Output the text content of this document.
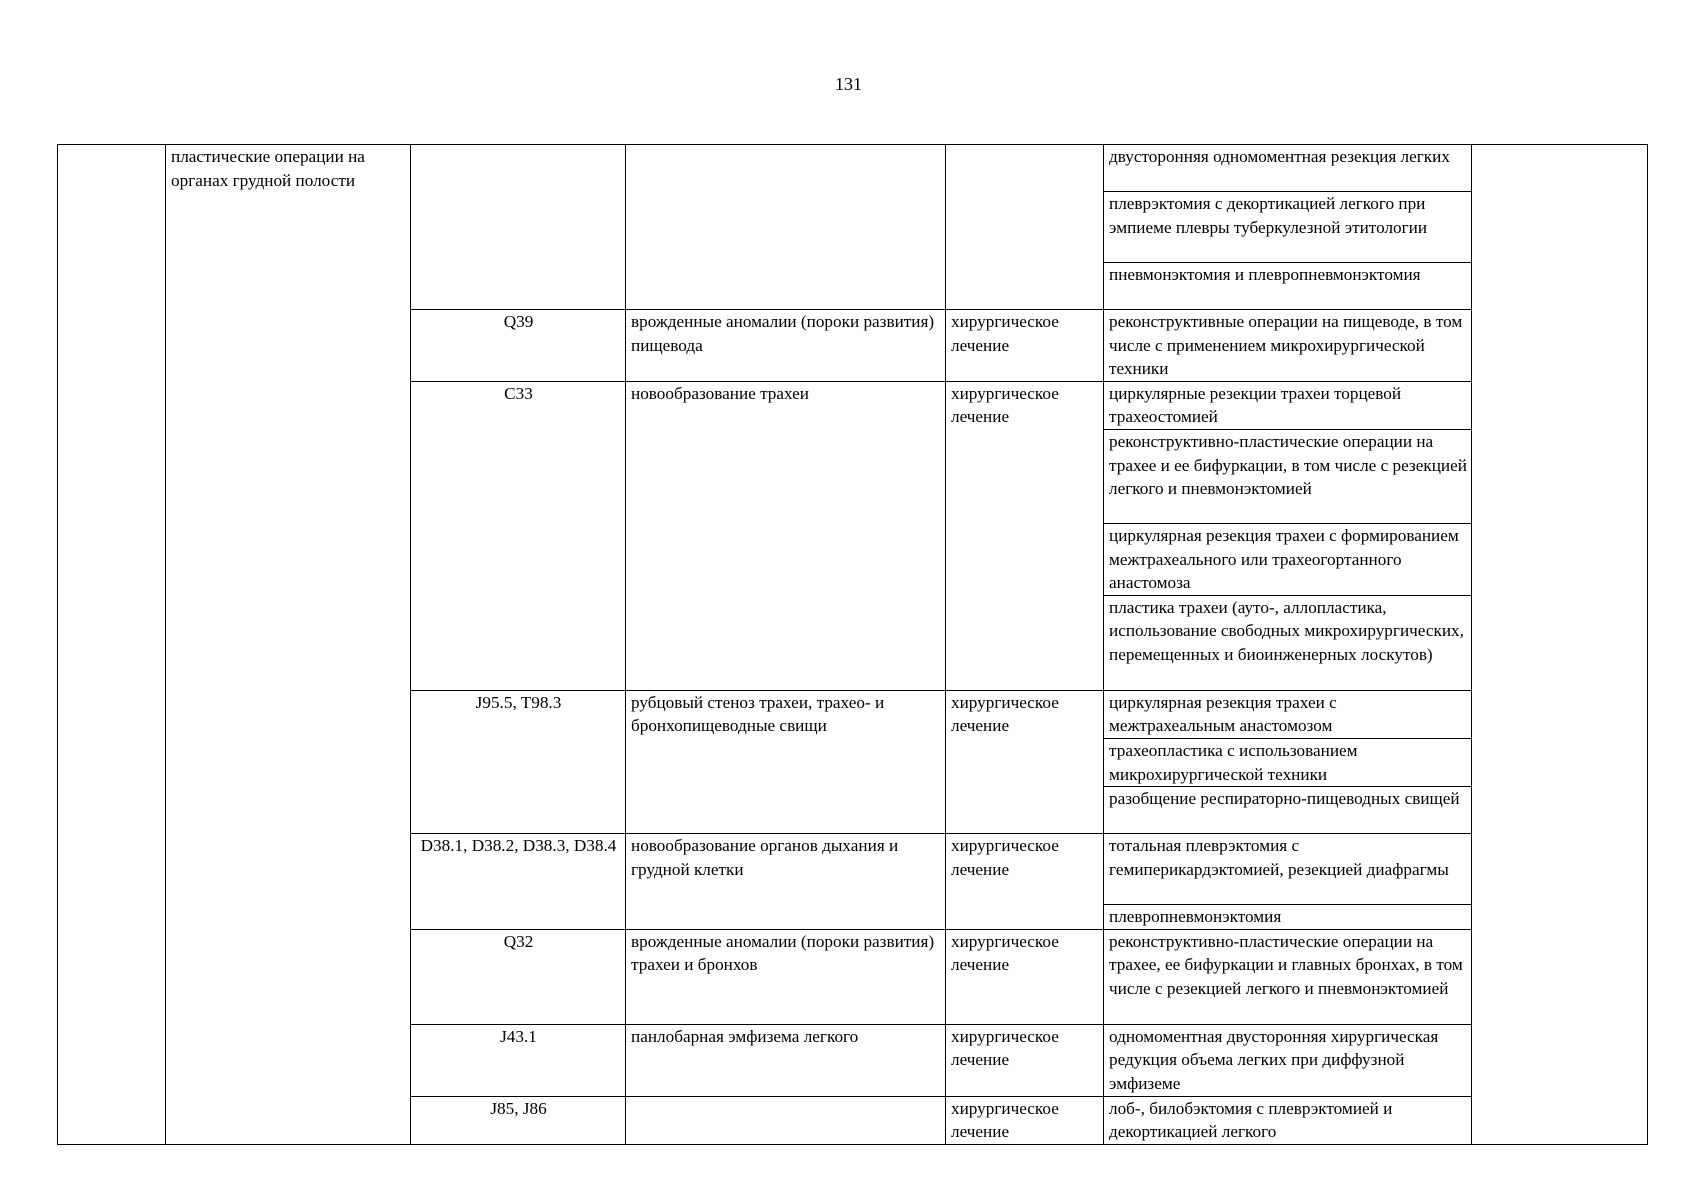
131
	пластические операции на органах грудной полости				двусторонняя одномоментная резекция легких	
					плеврэктомия с декортикацией легкого при эмпиеме плевры туберкулезной этитологии	
					пневмонэктомия и плевропневмонэктомия	
		Q39	врожденные аномалии (пороки развития) пищевода	хирургическое лечение	реконструктивные операции на пищеводе, в том числе с применением микрохирургической техники	
		C33	новообразование трахеи	хирургическое лечение	циркулярные резекции трахеи торцевой трахеостомией	
					реконструктивно-пластические операции на трахее и ее бифуркации, в том числе с резекцией легкого и пневмонэктомией	
					циркулярная резекция трахеи с формированием межтрахеального или трахеогортанного анастомоза	
					пластика трахеи (ауто-, аллопластика, использование свободных микрохирургических, перемещенных и биоинженерных лоскутов)	
		J95.5, T98.3	рубцовый стеноз трахеи, трахео- и бронхопищеводные свищи	хирургическое лечение	циркулярная резекция трахеи с межтрахеальным анастомозом	
					трахеопластика с использованием микрохирургической техники	
					разобщение респираторно-пищеводных свищей	
		D38.1, D38.2, D38.3, D38.4	новообразование органов дыхания и грудной клетки	хирургическое лечение	тотальная плеврэктомия с гемиперикардэктомией, резекцией диафрагмы	
					плевропневмонэктомия	
		Q32	врожденные аномалии (пороки развития) трахеи и бронхов	хирургическое лечение	реконструктивно-пластические операции на трахее, ее бифуркации и главных бронхах, в том числе с резекцией легкого и пневмонэктомией	
		J43.1	панлобарная эмфизема легкого	хирургическое лечение	одномоментная двусторонняя хирургическая редукция объема легких при диффузной эмфиземе	
		J85, J86		хирургическое лечение	лоб-, билобэктомия с плеврэктомией и декортикацией легкого	
